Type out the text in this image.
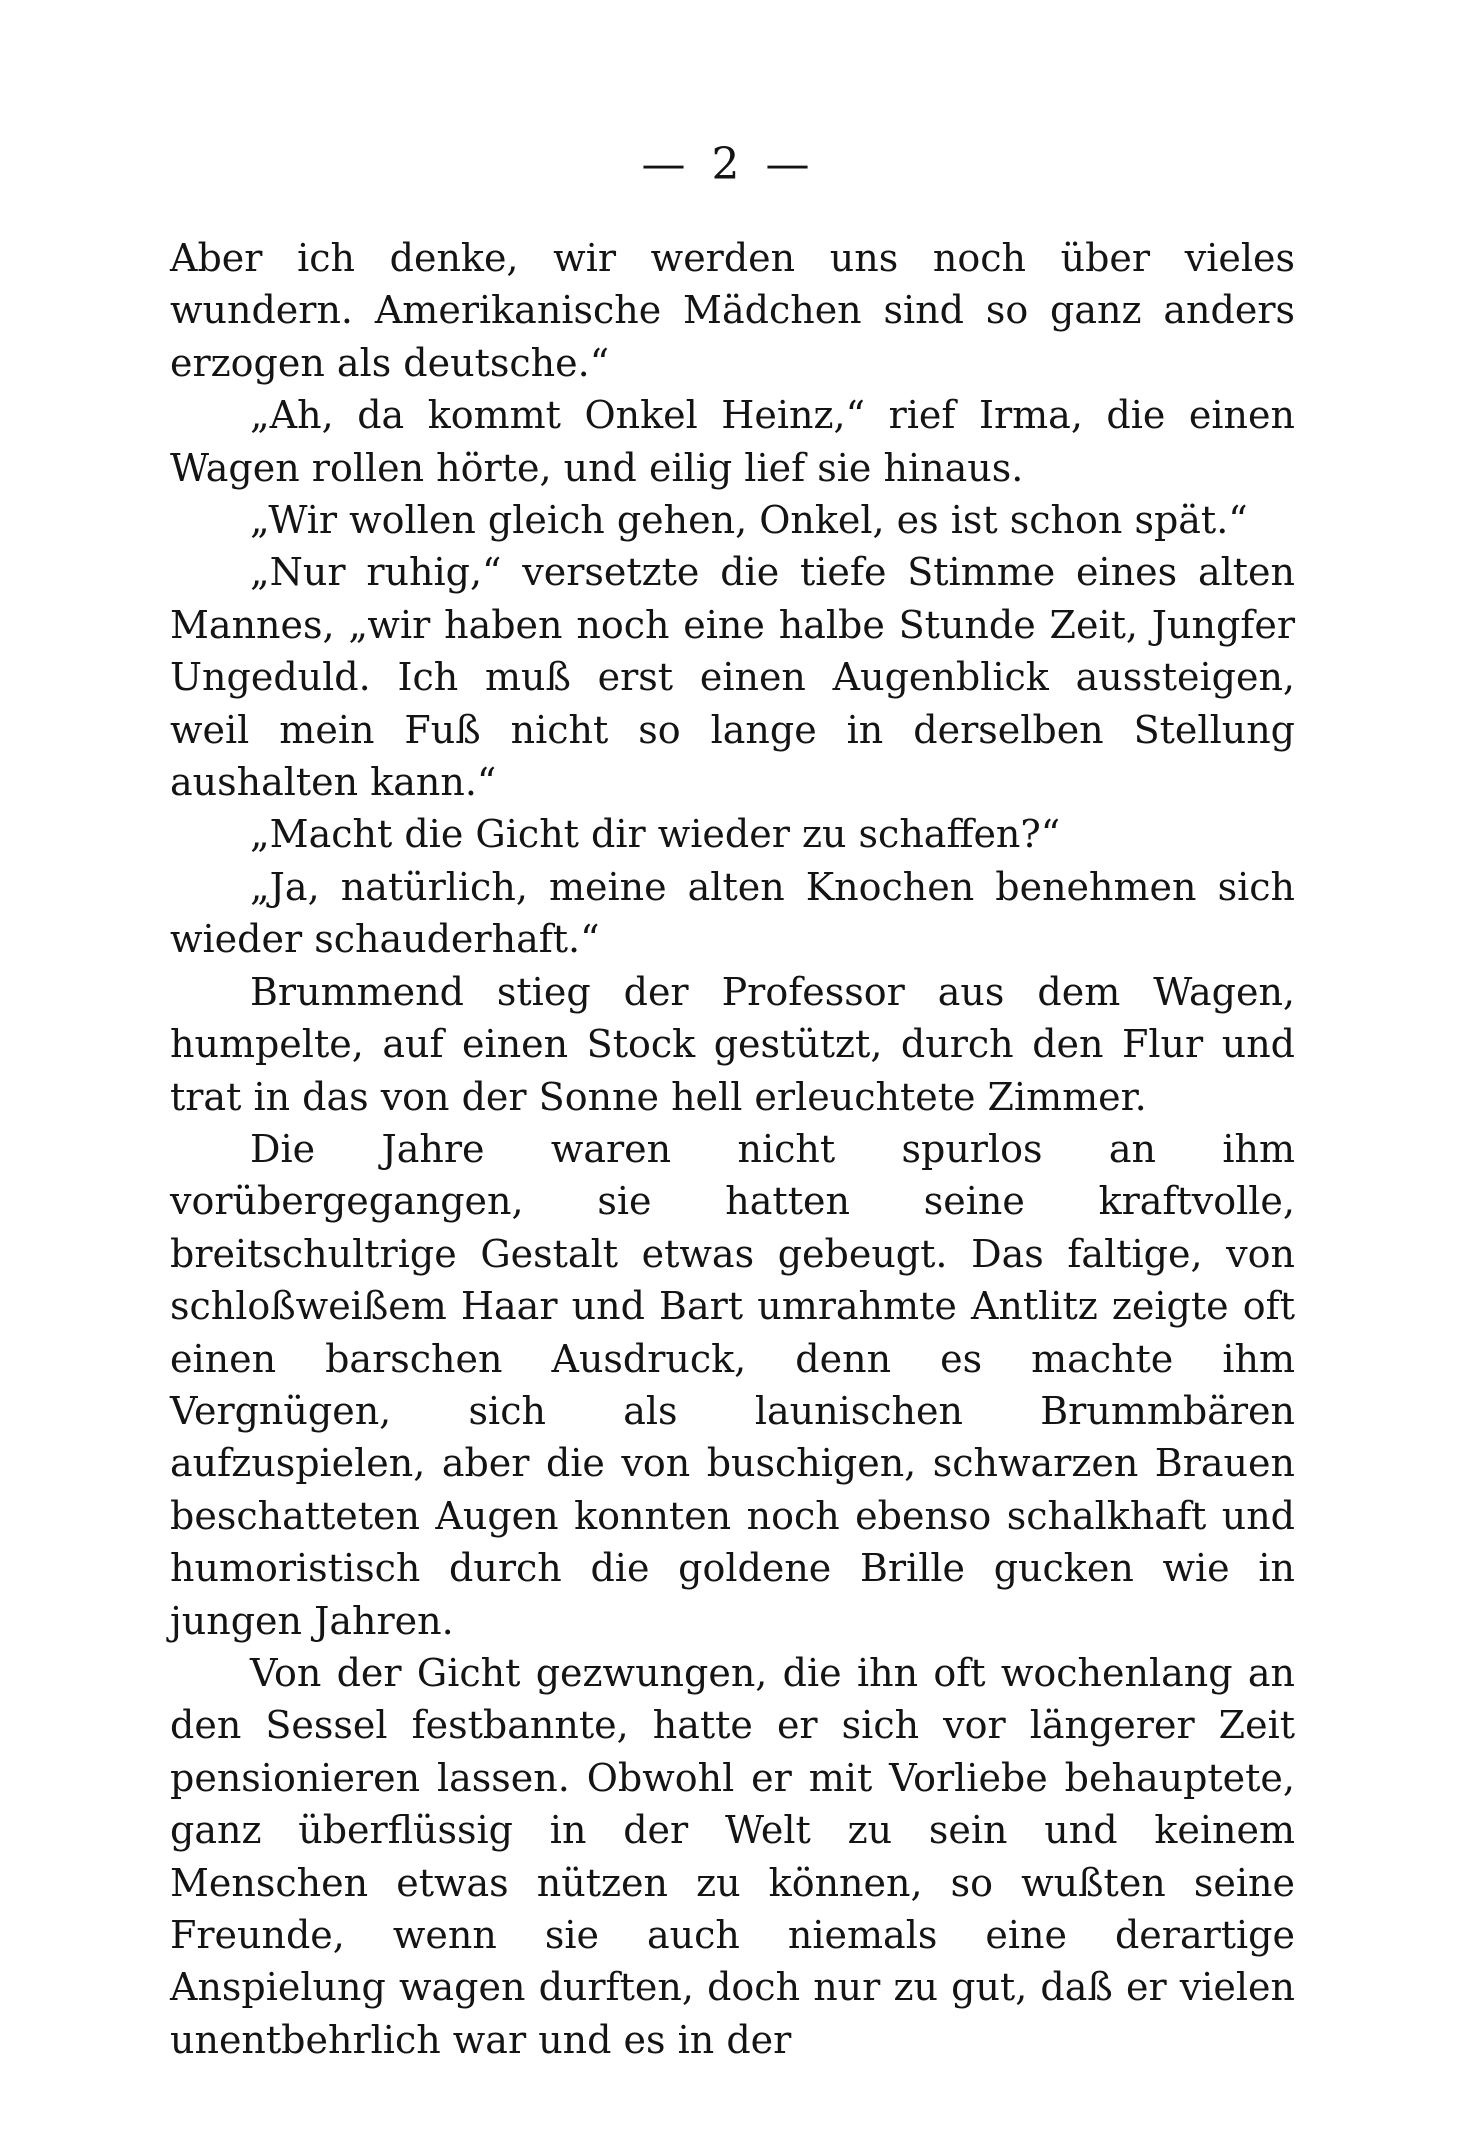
— 2 —

Aber ich denke, wir werden uns noch über vieles wundern. Amerikanische Mädchen sind so ganz anders erzogen als deutsche.“

„Ah, da kommt Onkel Heinz,“ rief Irma, die einen Wagen rollen hörte, und eilig lief sie hinaus.

„Wir wollen gleich gehen, Onkel, es ist schon spät.“

„Nur ruhig,“ versetzte die tiefe Stimme eines alten Mannes, „wir haben noch eine halbe Stunde Zeit, Jungfer Ungeduld. Ich muß erst einen Augenblick aussteigen, weil mein Fuß nicht so lange in derselben Stellung aushalten kann.“

„Macht die Gicht dir wieder zu schaffen?“

„Ja, natürlich, meine alten Knochen benehmen sich wieder schauderhaft.“

Brummend stieg der Professor aus dem Wagen, humpelte, auf einen Stock gestützt, durch den Flur und trat in das von der Sonne hell erleuchtete Zimmer.

Die Jahre waren nicht spurlos an ihm vorübergegangen, sie hatten seine kraftvolle, breitschultrige Gestalt etwas gebeugt. Das faltige, von schloßweißem Haar und Bart umrahmte Antlitz zeigte oft einen barschen Ausdruck, denn es machte ihm Vergnügen, sich als launischen Brummbären aufzuspielen, aber die von buschigen, schwarzen Brauen beschatteten Augen konnten noch ebenso schalkhaft und humoristisch durch die goldene Brille gucken wie in jungen Jahren.

Von der Gicht gezwungen, die ihn oft wochenlang an den Sessel festbannte, hatte er sich vor längerer Zeit pensionieren lassen. Obwohl er mit Vorliebe behauptete, ganz überflüssig in der Welt zu sein und keinem Menschen etwas nützen zu können, so wußten seine Freunde, wenn sie auch niemals eine derartige Anspielung wagen durften, doch nur zu gut, daß er vielen unentbehrlich war und es in der
